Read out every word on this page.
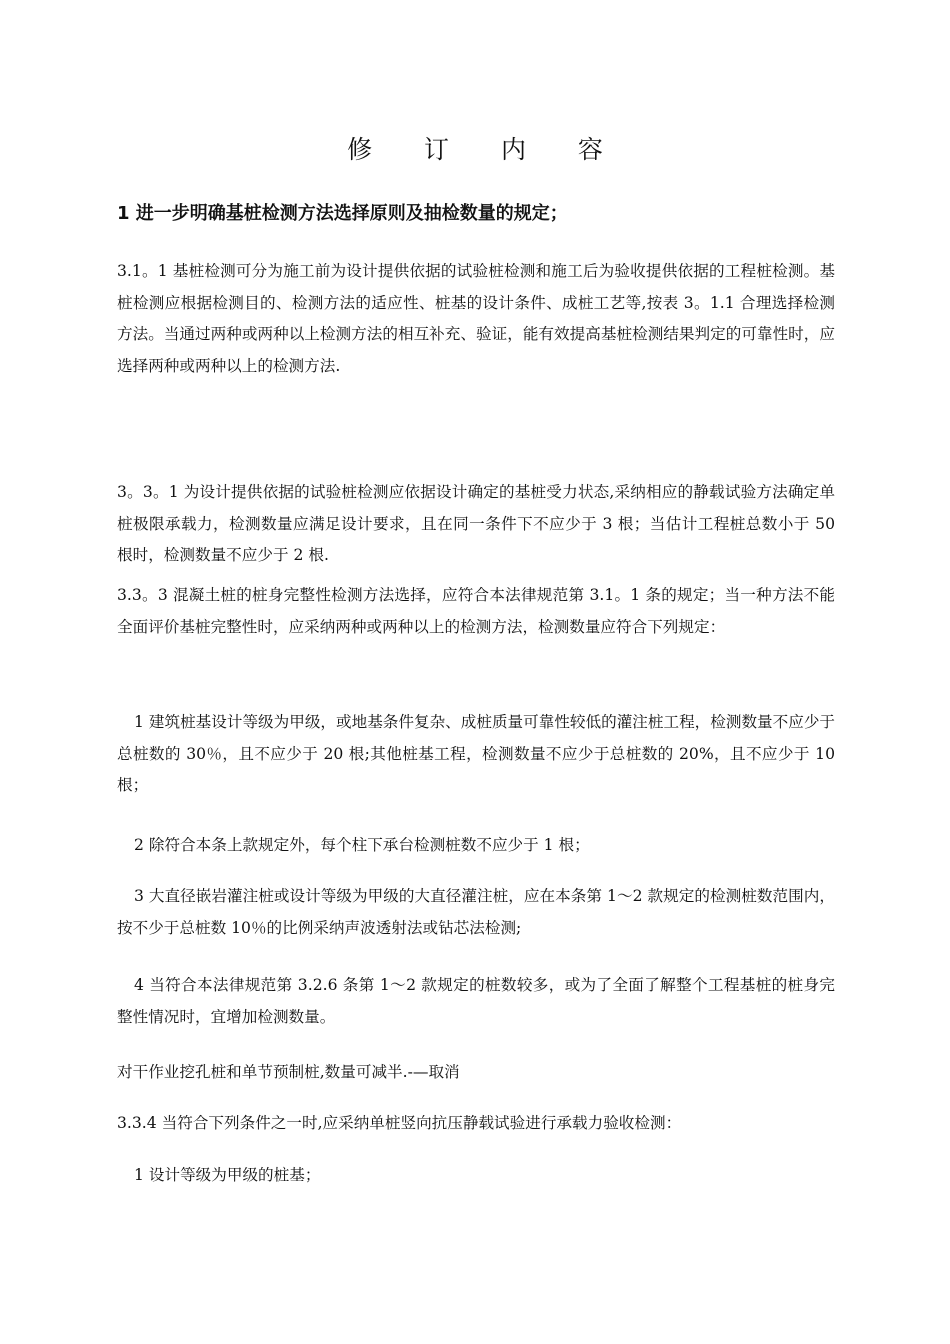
修 订 内 容
1 进一步明确基桩检测方法选择原则及抽检数量的规定；

3.1。1 基桩检测可分为施工前为设计提供依据的试验桩检测和施工后为验收提供依据的工程桩检测。基桩检测应根据检测目的、检测方法的适应性、桩基的设计条件、成桩工艺等,按表 3。1.1 合理选择检测方法。当通过两种或两种以上检测方法的相互补充、验证，能有效提高基桩检测结果判定的可靠性时，应选择两种或两种以上的检测方法.

3。3。1 为设计提供依据的试验桩检测应依据设计确定的基桩受力状态,采纳相应的静载试验方法确定单桩极限承载力，检测数量应满足设计要求，且在同一条件下不应少于 3 根；当估计工程桩总数小于 50 根时，检测数量不应少于 2 根.

3.3。3 混凝土桩的桩身完整性检测方法选择，应符合本法律规范第 3.1。1 条的规定；当一种方法不能全面评价基桩完整性时，应采纳两种或两种以上的检测方法，检测数量应符合下列规定：

1 建筑桩基设计等级为甲级，或地基条件复杂、成桩质量可靠性较低的灌注桩工程，检测数量不应少于总桩数的 30％，且不应少于 20 根;其他桩基工程，检测数量不应少于总桩数的 20%，且不应少于 10 根；

2 除符合本条上款规定外，每个柱下承台检测桩数不应少于 1 根；

3 大直径嵌岩灌注桩或设计等级为甲级的大直径灌注桩，应在本条第 1～2 款规定的检测桩数范围内，按不少于总桩数 10％的比例采纳声波透射法或钻芯法检测;

4 当符合本法律规范第 3.2.6 条第 1～2 款规定的桩数较多，或为了全面了解整个工程基桩的桩身完整性情况时，宜增加检测数量。

对干作业挖孔桩和单节预制桩,数量可减半.-—取消

3.3.4 当符合下列条件之一时,应采纳单桩竖向抗压静载试验进行承载力验收检测：

1 设计等级为甲级的桩基；
